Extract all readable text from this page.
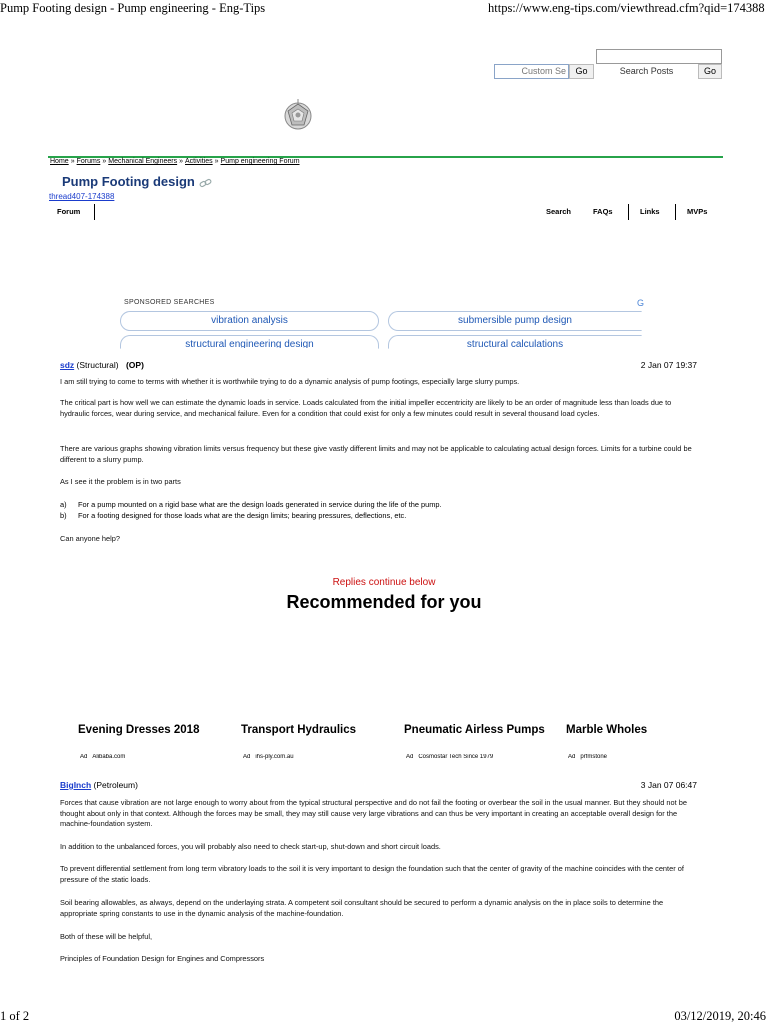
Pump Footing design - Pump engineering - Eng-Tips	https://www.eng-tips.com/viewthread.cfm?qid=174388
1 of 2	03/12/2019, 20:46
Custom Se	Go	Search Posts	Go
Home » Forums » Mechanical Engineers » Activities » Pump engineering Forum
Pump Footing design
thread407-174388
Forum	Search	FAQs	Links	MVPs
SPONSORED SEARCHES	G
vibration analysis	submersible pump design
structural engineering design	structural calculations
sdz (Structural) (OP)	2 Jan 07 19:37
I am still trying to come to terms with whether it is worthwhile trying to do a dynamic analysis of pump footings, especially large slurry pumps.
The critical part is how well we can estimate the dynamic loads in service. Loads calculated from the initial impeller eccentricity are likely to be an order of magnitude less than loads due to hydraulic forces, wear during service, and mechanical failure. Even for a condition that could exist for only a few minutes could result in several thousand load cycles.
There are various graphs showing vibration limits versus frequency but these give vastly different limits and may not be applicable to calculating actual design forces. Limits for a turbine could be different to a slurry pump.
As I see it the problem is in two parts
a) For a pump mounted on a rigid base what are the design loads generated in service during the life of the pump.
b) For a footing designed for those loads what are the design limits; bearing pressures, deflections, etc.
Can anyone help?
Replies continue below
Recommended for you
Evening Dresses 2018	Transport Hydraulics	Pneumatic Airless Pumps	Marble Wholes
Ad Alibaba.com	Ad ihs-ply.com.au	Ad Cosmostar Tech Since 1979	Ad prfmstone
BigInch (Petroleum)	3 Jan 07 06:47
Forces that cause vibration are not large enough to worry about from the typical structural perspective and do not fail the footing or overbear the soil in the usual manner. But they should not be thought about only in that context. Although the forces may be small, they may still cause very large vibrations and can thus be very important in creating an acceptable overall design for the machine-foundation system.
In addition to the unbalanced forces, you will probably also need to check start-up, shut-down and short circuit loads.
To prevent differential settlement from long term vibratory loads to the soil it is very important to design the foundation such that the center of gravity of the machine coincides with the center of pressure of the static loads.
Soil bearing allowables, as always, depend on the underlaying strata. A competent soil consultant should be secured to perform a dynamic analysis on the in place soils to determine the appropriate spring constants to use in the dynamic analysis of the machine-foundation.
Both of these will be helpful,
Principles of Foundation Design for Engines and Compressors
